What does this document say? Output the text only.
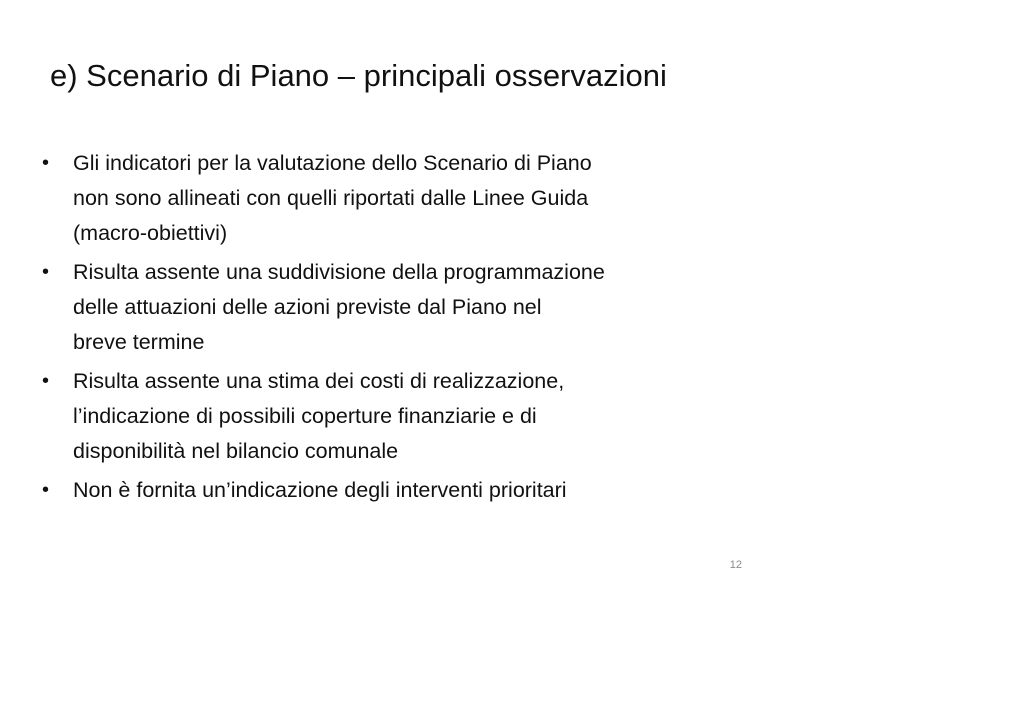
e) Scenario di Piano – principali osservazioni
•	Gli indicatori per la valutazione dello Scenario di Piano
non sono allineati con quelli riportati dalle Linee Guida
(macro-obiettivi)
•	Risulta assente una suddivisione della programmazione
delle attuazioni delle azioni previste dal Piano nel
breve termine
•	Risulta assente una stima dei costi di realizzazione,
l’indicazione di possibili coperture finanziarie e di
disponibilità nel bilancio comunale
•	Non è fornita un’indicazione degli interventi prioritari
12
